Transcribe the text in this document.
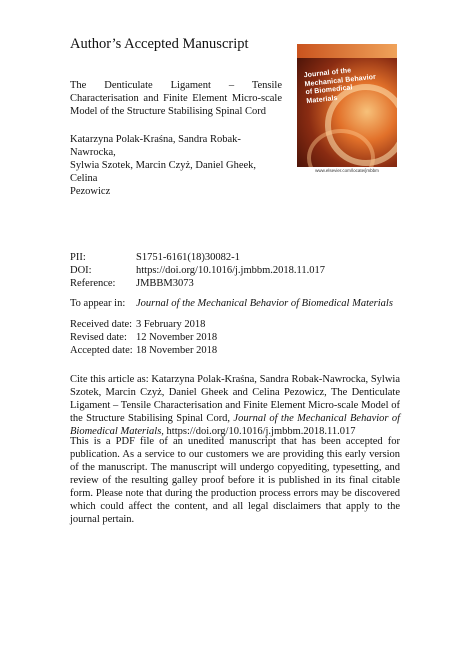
Author’s Accepted Manuscript
The Denticulate Ligament – Tensile
Characterisation and Finite Element Micro-scale
Model of the Structure Stabilising Spinal Cord
Katarzyna Polak-Kraśna, Sandra Robak-Nawrocka,
Sylwia Szotek, Marcin Czyż, Daniel Gheek, Celina
Pezowicz
Journal of the Mechanical Behavior of Biomedical Materials
www.elsevier.com/locate/jmbbm
PII:	S1751-6161(18)30082-1
DOI:	https://doi.org/10.1016/j.jmbbm.2018.11.017
Reference: JMBBM3073
To appear in: Journal of the Mechanical Behavior of Biomedical Materials
Received date: 3 February 2018
Revised date: 12 November 2018
Accepted date: 18 November 2018
Cite this article as: Katarzyna Polak-Kraśna, Sandra Robak-Nawrocka, Sylwia Szotek, Marcin Czyż, Daniel Gheek and Celina Pezowicz, The Denticulate Ligament – Tensile Characterisation and Finite Element Micro-scale Model of the Structure Stabilising Spinal Cord, Journal of the Mechanical Behavior of Biomedical Materials, https://doi.org/10.1016/j.jmbbm.2018.11.017
This is a PDF file of an unedited manuscript that has been accepted for publication. As a service to our customers we are providing this early version of the manuscript. The manuscript will undergo copyediting, typesetting, and review of the resulting galley proof before it is published in its final citable form. Please note that during the production process errors may be discovered which could affect the content, and all legal disclaimers that apply to the journal pertain.
